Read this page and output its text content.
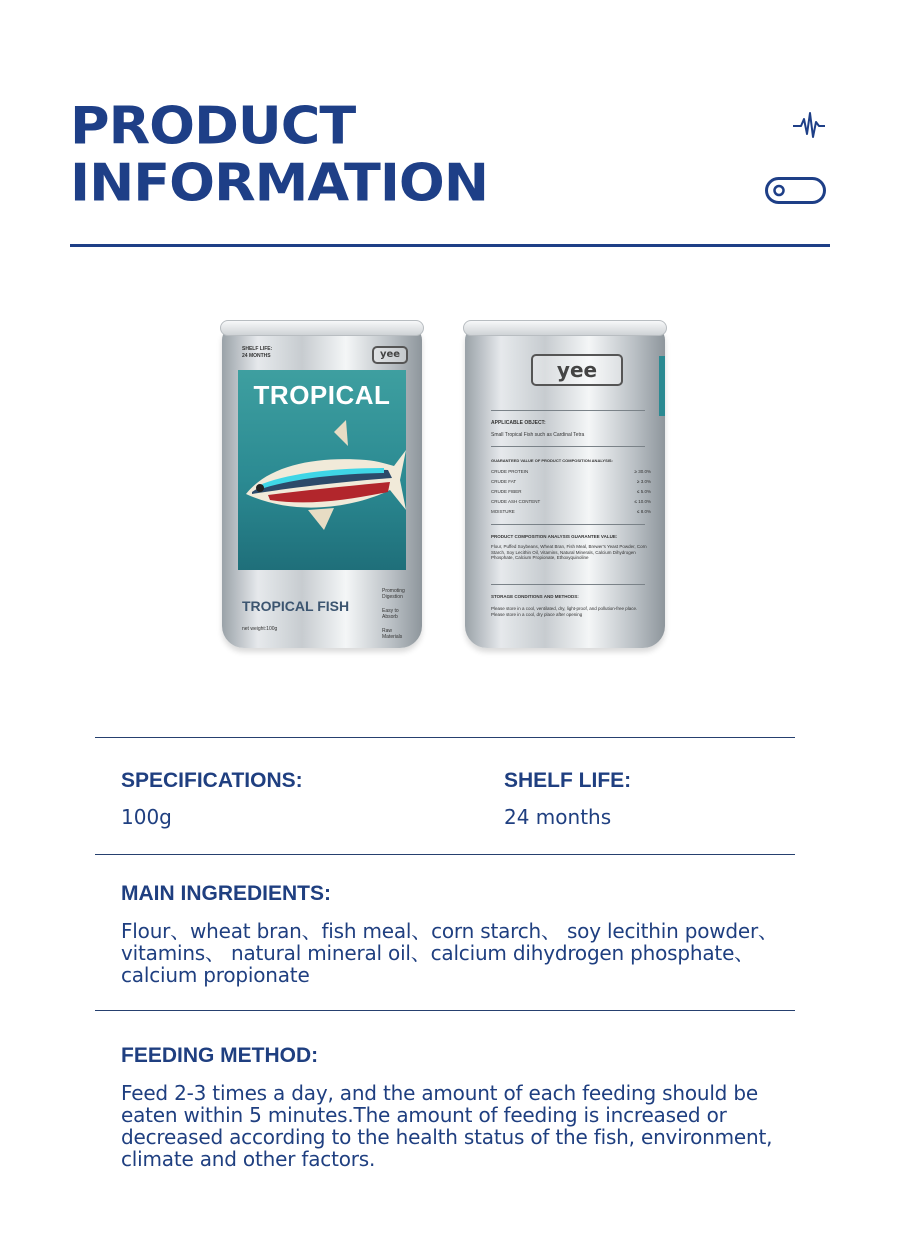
PRODUCT
INFORMATION
SHELF LIFE:
24 MONTHS	yee
TROPICAL

TROPICAL FISH
net weight:100g
Promoting Digestion
Easy to Absorb
Raw Materials
yee
APPLICABLE OBJECT:
Small Tropical Fish such as Cardinal Tetra
GUARANTEED VALUE OF PRODUCT COMPOSITION ANALYSIS:
CRUDE PROTEIN	≥ 30.0%
CRUDE FAT	≥ 3.0%
CRUDE FIBER	≤ 5.0%
CRUDE ASH CONTENT	≤ 10.0%
MOISTURE	≤ 8.0%
PRODUCT COMPOSITION ANALYSIS GUARANTEE VALUE:
Flour, Puffed Soybeans, Wheat Bran, Fish Meal, Brewer's Yeast Powder, Corn Starch, Soy Lecithin Oil, Vitamins, Natural Minerals, Calcium Dihydrogen Phosphate, Calcium Propionate, Ethoxyquinoline
STORAGE CONDITIONS AND METHODS:
Please store in a cool, ventilated, dry, light-proof, and pollution-free place. Please store in a cool, dry place after opening
SPECIFICATIONS:

100g

SHELF LIFE:

24 months

MAIN INGREDIENTS:
Flour、wheat bran、fish meal、corn starch、 soy lecithin powder、
vitamins、 natural mineral oil、calcium dihydrogen phosphate、
calcium propionate
FEEDING METHOD:
Feed 2-3 times a day, and the amount of each feeding should be
eaten within 5 minutes.The amount of feeding is increased or
decreased according to the health status of the fish, environment,
climate and other factors.
